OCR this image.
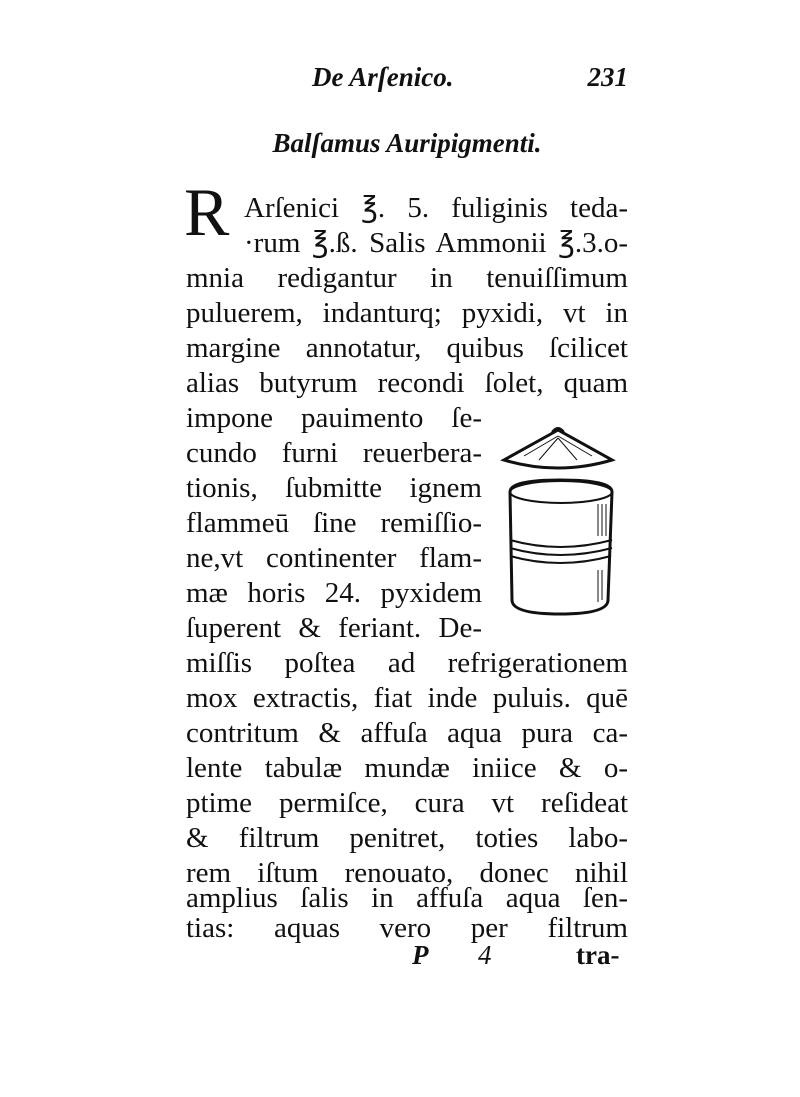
De Arſenico.	231
Balſamus Auripigmenti.
R Arſenici ℥. 5. fuliginis teda-
·rum ℥.ß. Salis Ammonii ℥.3.o-
mnia redigantur in tenuiſſimum
puluerem, indanturq; pyxidi, vt in
margine annotatur, quibus ſcilicet
alias butyrum recondi ſolet, quam
impone pauimento ſe-
cundo furni reuerbera-
tionis, ſubmitte ignem
flammeū ſine remiſſio-
ne,vt continenter flam-
mæ horis 24. pyxidem
ſuperent & feriant. De-
miſſis poſtea ad refrigerationem
mox extractis, fiat inde puluis. quē
contritum & affuſa aqua pura ca-
lente tabulæ mundæ iniice & o-
ptime permiſce, cura vt reſideat
& filtrum penitret, toties labo-
rem iſtum renouato, donec nihil
amplius ſalis in affuſa aqua ſen-
tias: aquas vero per filtrum
P 4	tra-
